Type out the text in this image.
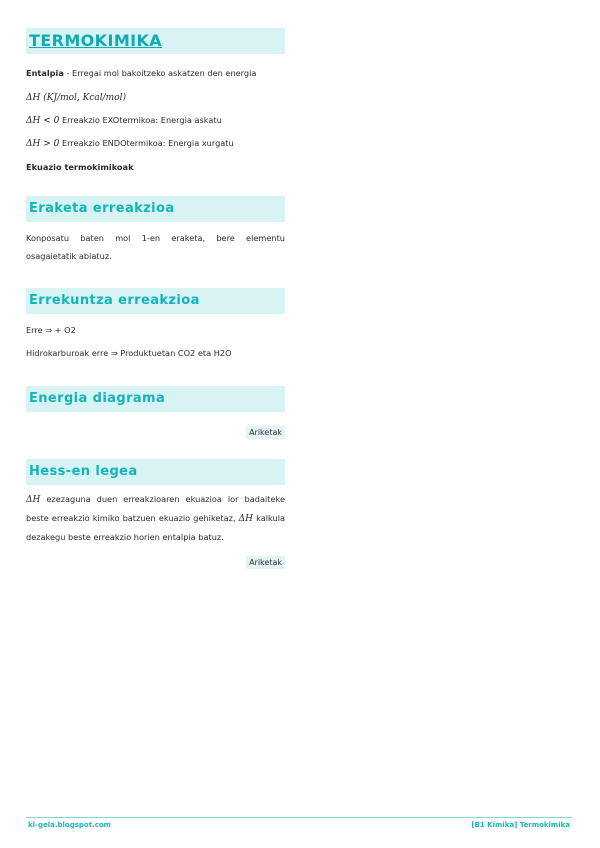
TERMOKIMIKA

Entalpia - Erregai mol bakoitzeko askatzen den energia

ΔH (KJ/mol, Kcal/mol)

ΔH < 0 Erreakzio EXOtermikoa: Energia askatu

ΔH > 0 Erreakzio ENDOtermikoa: Energia xurgatu

Ekuazio termokimikoak

Eraketa erreakzioa

Konposatu baten mol 1-en eraketa, bere elementu osagaietatik abiatuz.

Errekuntza erreakzioa

Erre ⇒ + O2

Hidrokarburoak erre ⇒ Produktuetan CO2 eta H2O

Energia diagrama
Ariketak
Hess-en legea

ΔH ezezaguna duen erreakzioaren ekuazioa lor badaiteke beste erreakzio kimiko batzuen ekuazio gehiketaz, ΔH kalkula dezakegu beste erreakzio horien entalpia batuz.

Ariketak
kl-gela.blogspot.com	[B1 Kimika] Termokimika
